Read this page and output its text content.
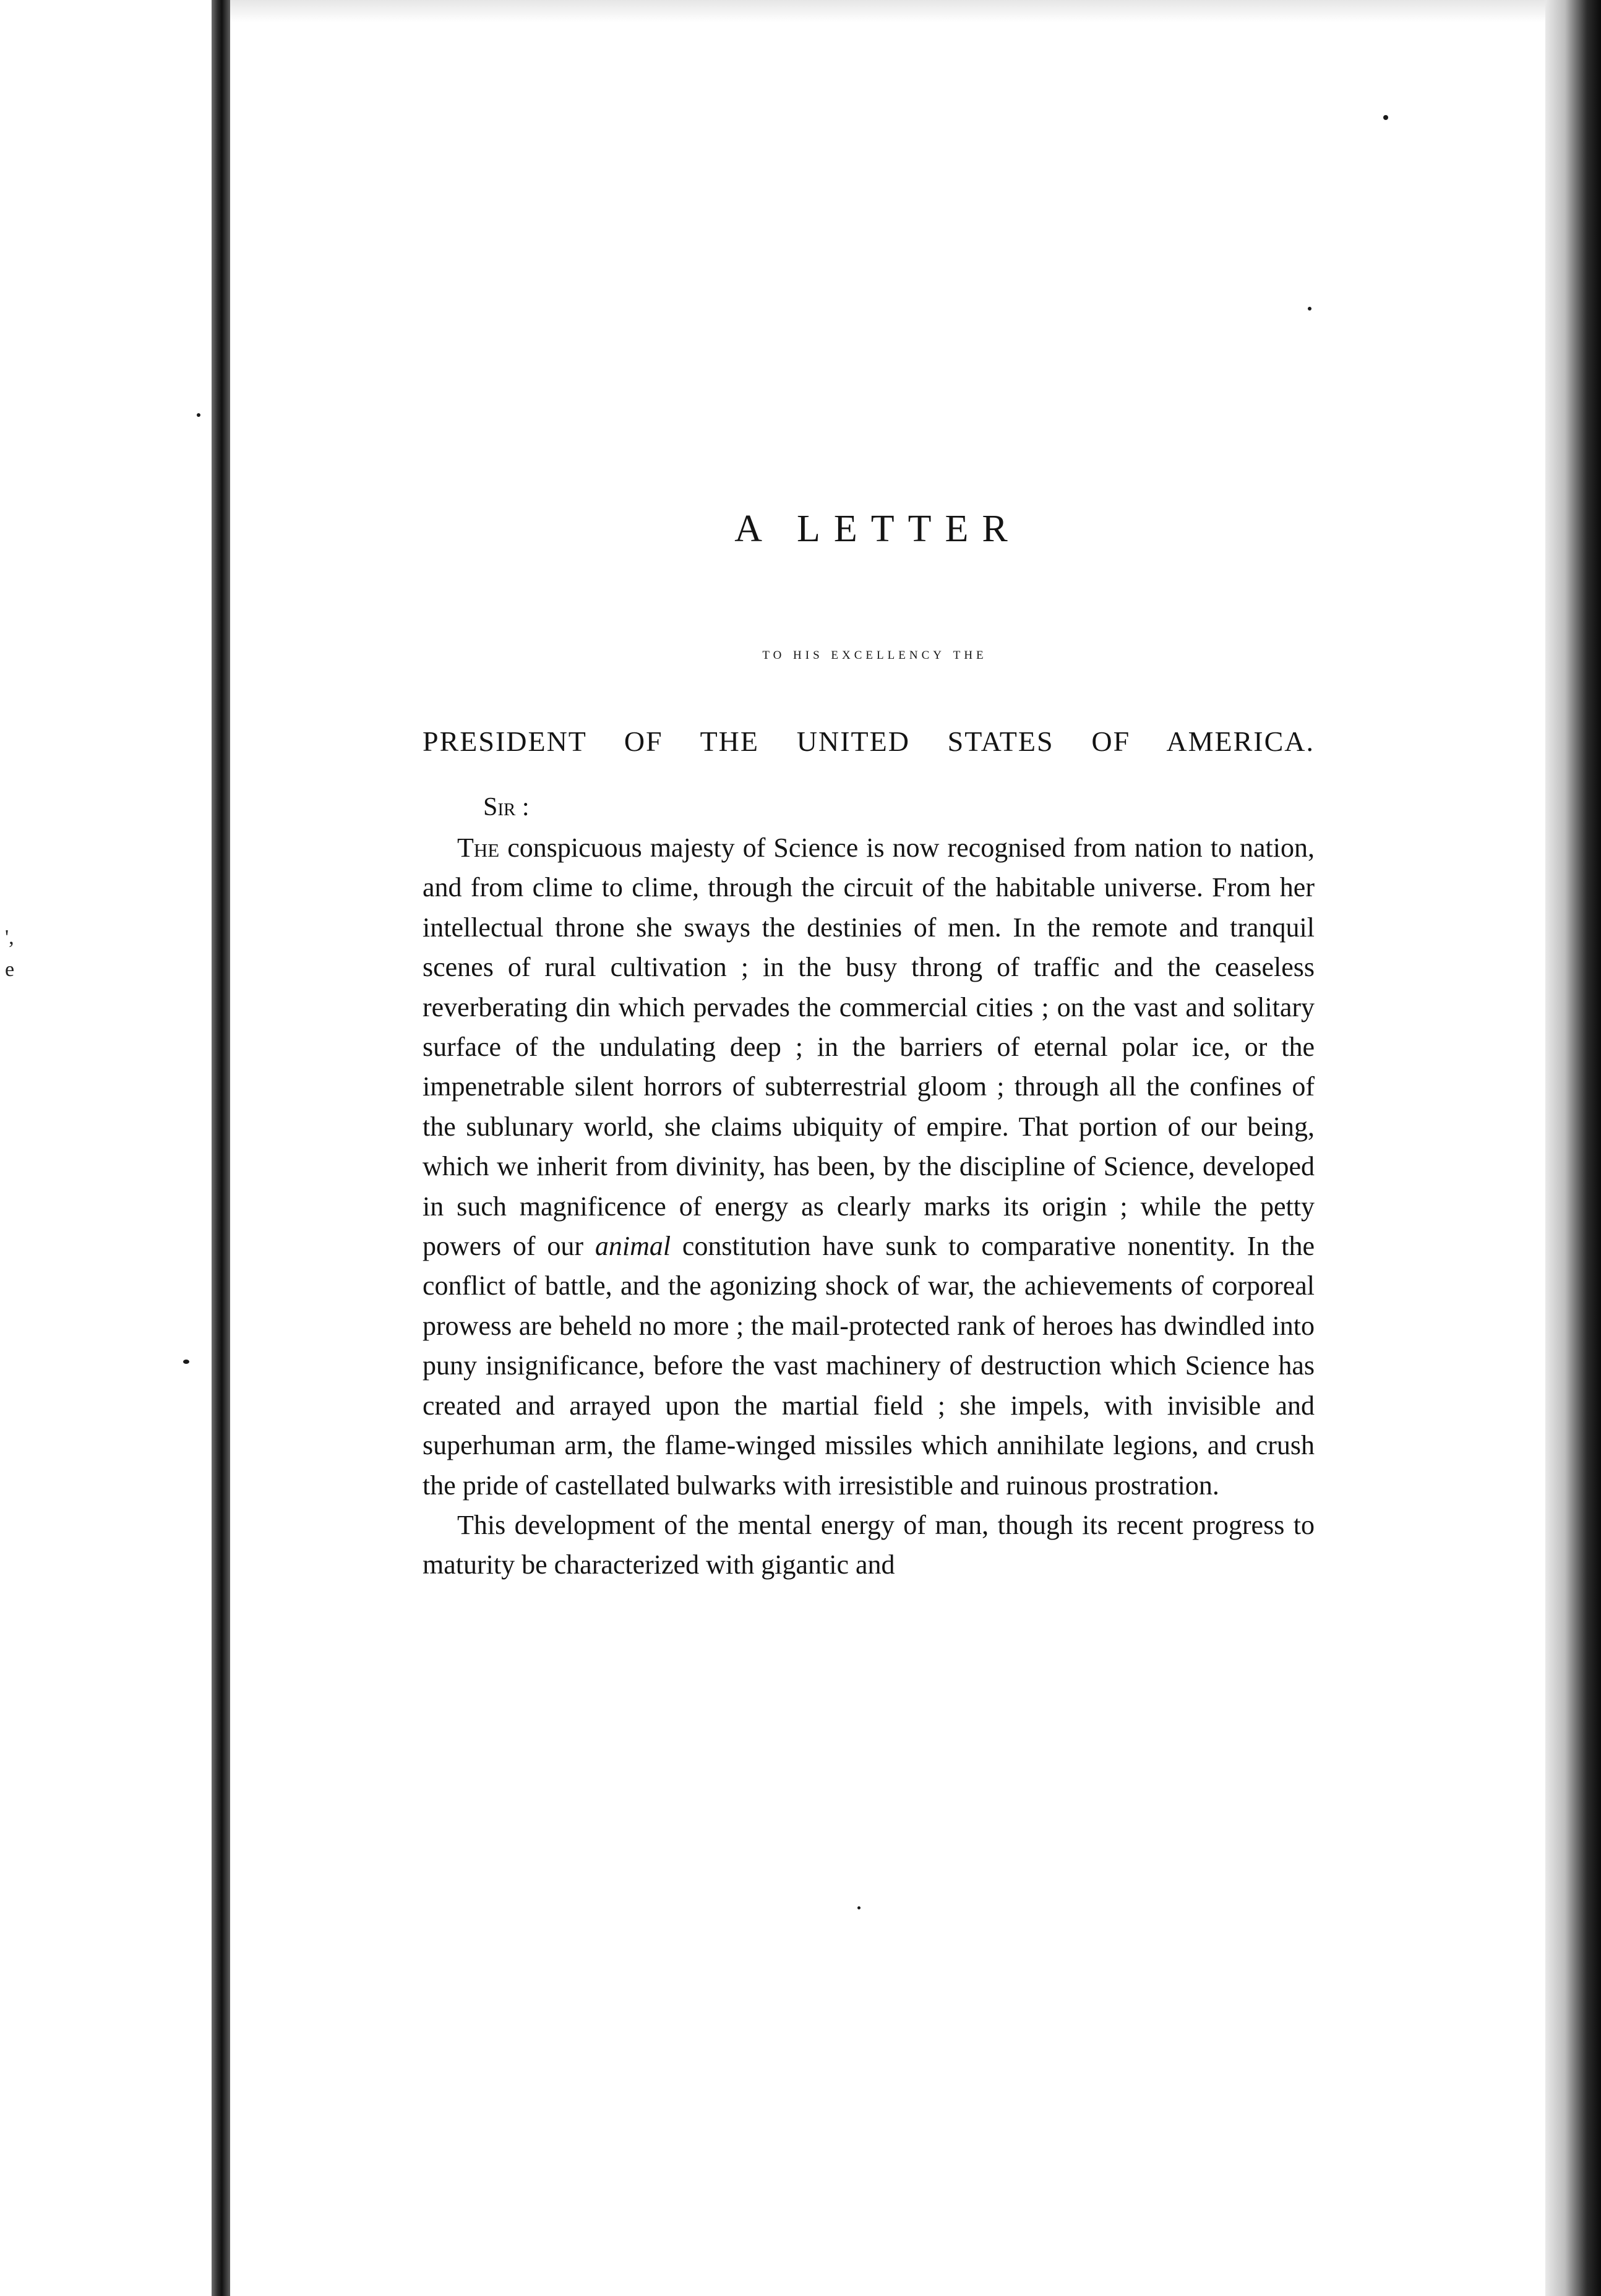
',
e
A LETTER
to his excellency the
PRESIDENT OF THE UNITED STATES OF AMERICA.
Sir :

The conspicuous majesty of Science is now recognised from nation to nation, and from clime to clime, through the circuit of the habitable universe. From her intellectual throne she sways the destinies of men. In the remote and tranquil scenes of rural cultivation ; in the busy throng of traffic and the ceaseless reverberating din which pervades the commercial cities ; on the vast and solitary surface of the undulating deep ; in the barriers of eternal polar ice, or the impenetrable silent horrors of subterrestrial gloom ; through all the confines of the sublunary world, she claims ubiquity of empire. That portion of our being, which we inherit from divinity, has been, by the discipline of Science, developed in such magnificence of energy as clearly marks its origin ; while the petty powers of our animal constitution have sunk to comparative nonentity. In the conflict of battle, and the agonizing shock of war, the achievements of corporeal prowess are beheld no more ; the mail-protected rank of heroes has dwindled into puny insignificance, before the vast machinery of destruction which Science has created and arrayed upon the martial field ; she impels, with invisible and superhuman arm, the flame-winged missiles which annihilate legions, and crush the pride of castellated bulwarks with irresistible and ruinous prostration.

This development of the mental energy of man, though its recent progress to maturity be characterized with gigantic and
